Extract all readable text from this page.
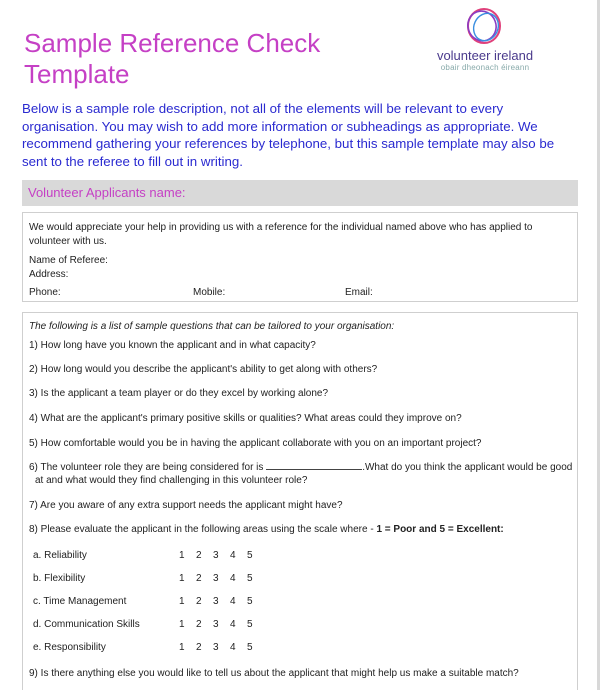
Sample Reference Check
Template
volunteer ireland
obair dheonach éireann
Below is a sample role description, not all of the elements will be relevant to every organisation. You may wish to add more information or subheadings as appropriate. We recommend gathering your references by telephone, but this sample template may also be sent to the referee to fill out in writing.
Volunteer Applicants name:
We would appreciate your help in providing us with a reference for the individual named above who has applied to volunteer with us.
Name of Referee:
Address:
Phone:	Mobile:	Email:
The following is a list of sample questions that can be tailored to your organisation:
1) How long have you known the applicant and in what capacity?
2) How long would you describe the applicant's ability to get along with others?
3) Is the applicant a team player or do they excel by working alone?
4) What are the applicant's primary positive skills or qualities? What areas could they improve on?
5) How comfortable would you be in having the applicant collaborate with you on an important project?
6) The volunteer role they are being considered for is	.What do you think the applicant would be good
at and what would they find challenging in this volunteer role?
7) Are you aware of any extra support needs the applicant might have?
8) Please evaluate the applicant in the following areas using the scale where - 1 = Poor and 5 = Excellent:
a. Reliability	1 2 3 4 5
b. Flexibility	1 2 3 4 5
c. Time Management	1 2 3 4 5
d. Communication Skills	1 2 3 4 5
e. Responsibility	1 2 3 4 5
9) Is there anything else you would like to tell us about the applicant that might help us make a suitable match?
